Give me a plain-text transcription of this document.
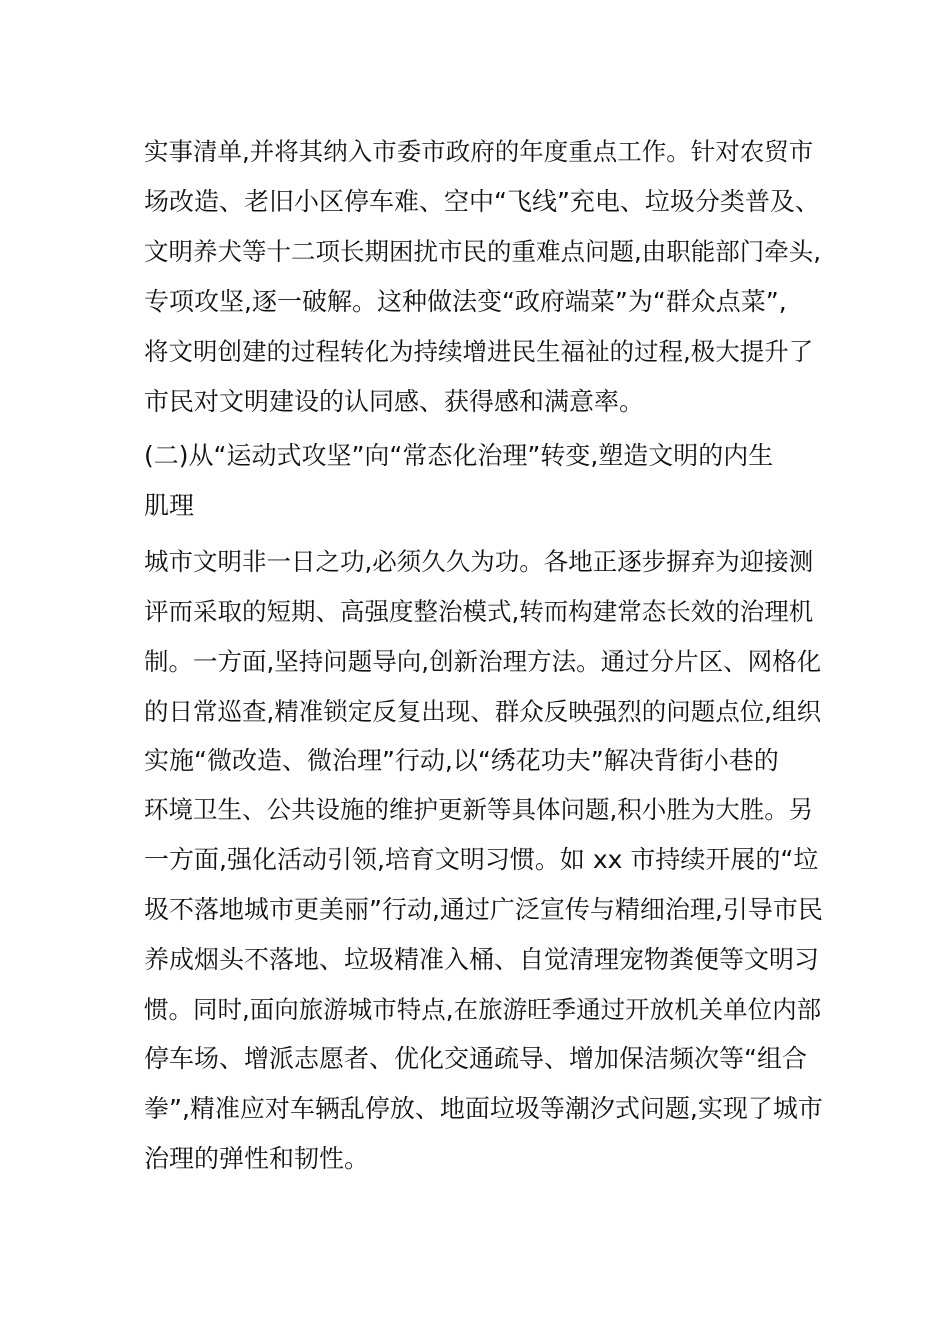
实事清单,并将其纳入市委市政府的年度重点工作。针对农贸市
场改造、老旧小区停车难、空中“飞线”充电、垃圾分类普及、
文明养犬等十二项长期困扰市民的重难点问题,由职能部门牵头,
专项攻坚,逐一破解。这种做法变“政府端菜”为“群众点菜”,
将文明创建的过程转化为持续增进民生福祉的过程,极大提升了
市民对文明建设的认同感、获得感和满意率。
(二)从“运动式攻坚”向“常态化治理”转变,塑造文明的内生
肌理
城市文明非一日之功,必须久久为功。各地正逐步摒弃为迎接测
评而采取的短期、高强度整治模式,转而构建常态长效的治理机
制。一方面,坚持问题导向,创新治理方法。通过分片区、网格化
的日常巡查,精准锁定反复出现、群众反映强烈的问题点位,组织
实施“微改造、微治理”行动,以“绣花功夫”解决背街小巷的
环境卫生、公共设施的维护更新等具体问题,积小胜为大胜。另
一方面,强化活动引领,培育文明习惯。如 xx 市持续开展的“垃
圾不落地城市更美丽”行动,通过广泛宣传与精细治理,引导市民
养成烟头不落地、垃圾精准入桶、自觉清理宠物粪便等文明习
惯。同时,面向旅游城市特点,在旅游旺季通过开放机关单位内部
停车场、增派志愿者、优化交通疏导、增加保洁频次等“组合
拳”,精准应对车辆乱停放、地面垃圾等潮汐式问题,实现了城市
治理的弹性和韧性。
